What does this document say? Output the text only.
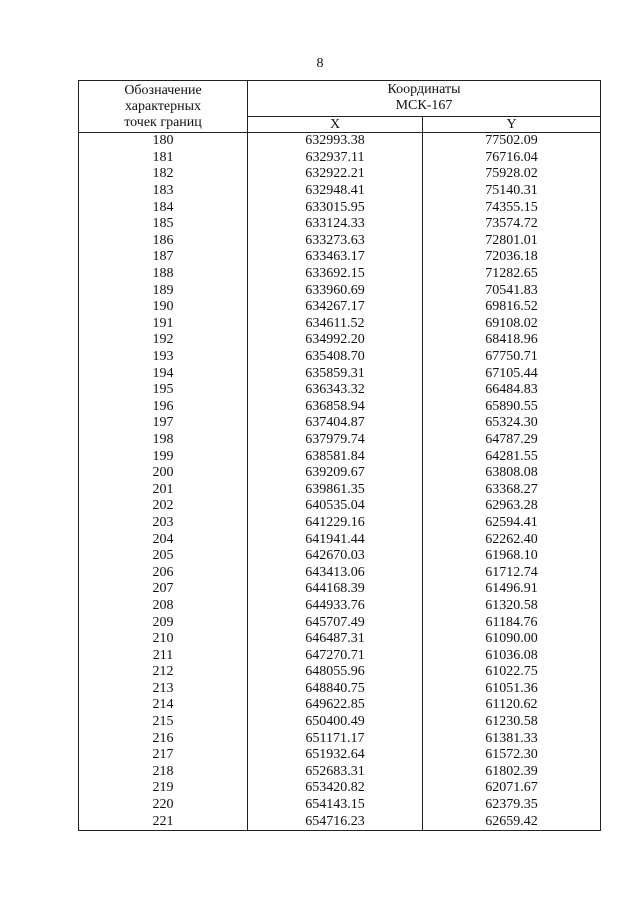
8
Обозначение
характерных
точек границ	Координаты
МСК-167	

	X	Y
180	632993.38	77502.09
181	632937.11	76716.04
182	632922.21	75928.02
183	632948.41	75140.31
184	633015.95	74355.15
185	633124.33	73574.72
186	633273.63	72801.01
187	633463.17	72036.18
188	633692.15	71282.65
189	633960.69	70541.83
190	634267.17	69816.52
191	634611.52	69108.02
192	634992.20	68418.96
193	635408.70	67750.71
194	635859.31	67105.44
195	636343.32	66484.83
196	636858.94	65890.55
197	637404.87	65324.30
198	637979.74	64787.29
199	638581.84	64281.55
200	639209.67	63808.08
201	639861.35	63368.27
202	640535.04	62963.28
203	641229.16	62594.41
204	641941.44	62262.40
205	642670.03	61968.10
206	643413.06	61712.74
207	644168.39	61496.91
208	644933.76	61320.58
209	645707.49	61184.76
210	646487.31	61090.00
211	647270.71	61036.08
212	648055.96	61022.75
213	648840.75	61051.36
214	649622.85	61120.62
215	650400.49	61230.58
216	651171.17	61381.33
217	651932.64	61572.30
218	652683.31	61802.39
219	653420.82	62071.67
220	654143.15	62379.35
221	654716.23	62659.42
